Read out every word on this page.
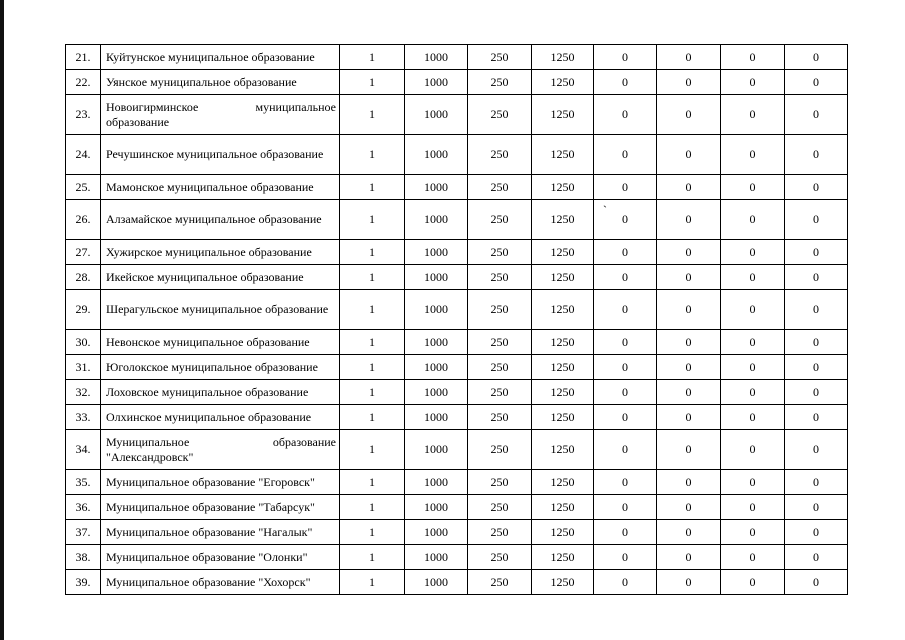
21.	Куйтунское муниципальное образование	1	1000	250	1250	0	0	0	0
22.	Уянское муниципальное образование	1	1000	250	1250	0	0	0	0
23.	Новоигирминское муниципальное образование	1	1000	250	1250	0	0	0	0
24.	Речушинское муниципальное образование	1	1000	250	1250	0	0	0	0
25.	Мамонское муниципальное образование	1	1000	250	1250	0	0	0	0
26.	Алзамайское муниципальное образование	1	1000	250	1250	0	0	0	0
27.	Хужирское муниципальное образование	1	1000	250	1250	0	0	0	0
28.	Икейское муниципальное образование	1	1000	250	1250	0	0	0	0
29.	Шерагульское муниципальное образование	1	1000	250	1250	0	0	0	0
30.	Невонское муниципальное образование	1	1000	250	1250	0	0	0	0
31.	Юголокское муниципальное образование	1	1000	250	1250	0	0	0	0
32.	Лоховское муниципальное образование	1	1000	250	1250	0	0	0	0
33.	Олхинское муниципальное образование	1	1000	250	1250	0	0	0	0
34.	Муниципальное образование "Александровск"	1	1000	250	1250	0	0	0	0
35.	Муниципальное образование "Егоровск"	1	1000	250	1250	0	0	0	0
36.	Муниципальное образование "Табарсук"	1	1000	250	1250	0	0	0	0
37.	Муниципальное образование "Нагалык"	1	1000	250	1250	0	0	0	0
38.	Муниципальное образование "Олонки"	1	1000	250	1250	0	0	0	0
39.	Муниципальное образование "Хохорск"	1	1000	250	1250	0	0	0	0
`
